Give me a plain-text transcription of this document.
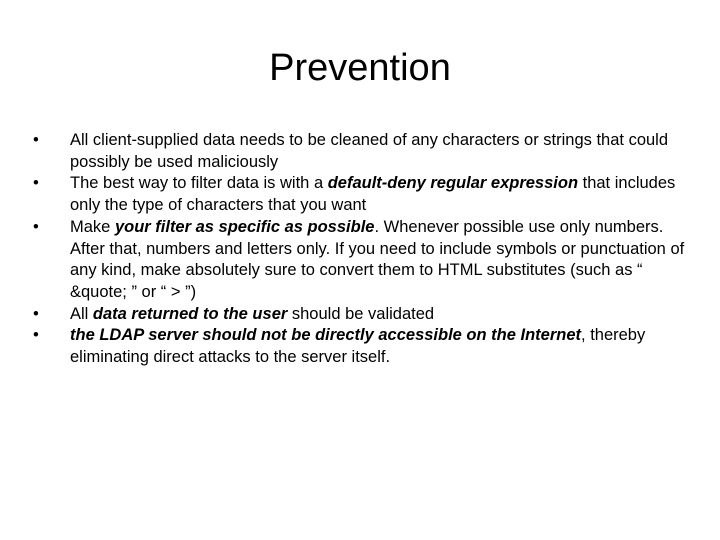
Prevention
•	All client-supplied data needs to be cleaned of any characters or strings that could possibly be used maliciously
•	The best way to filter data is with a default-deny regular expression that includes only the type of characters that you want
•	Make your filter as specific as possible. Whenever possible use only numbers. After that, numbers and letters only. If you need to include symbols or punctuation of any kind, make absolutely sure to convert them to HTML substitutes (such as “ &quote; ” or “ > ”)
•	All data returned to the user should be validated
•	the LDAP server should not be directly accessible on the Internet, thereby eliminating direct attacks to the server itself.
